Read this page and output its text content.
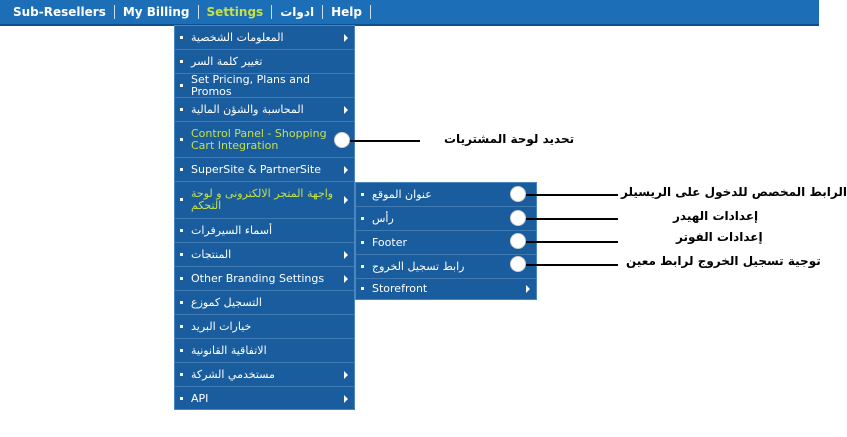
Sub-Resellers	My Billing	Settings	ادوات	Help
المعلومات الشخصية
تغيير كلمة السر
Set Pricing, Plans and Promos
المحاسبة والشؤن المالية
Control Panel - Shopping Cart Integration
SuperSite & PartnerSite
واجهة المتجر الالكترونى و لوحة التحكم
أسماء السيرفرات
المنتجات
Other Branding Settings
التسجيل كموزع
خيارات البريد
الاتفاقية القانونية
مستخدمي الشركة
API
عنوان الموقع
رأس
Footer
رابط تسجيل الخروج
Storefront
تحديد لوحة المشتريات
الرابط المخصص للدخول على الريسيلر
إعدادات الهيدر
إعدادات الفوتر
توجية تسجيل الخروج لرابط معين
